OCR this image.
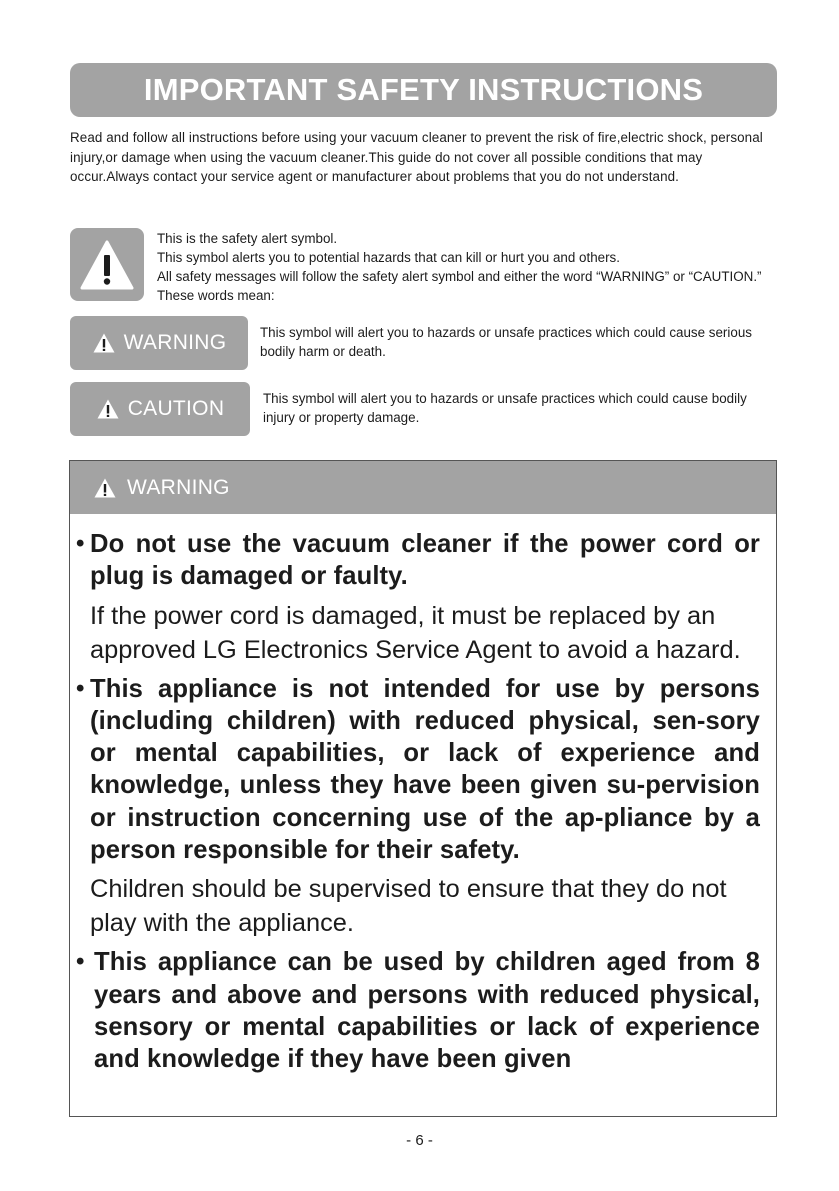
IMPORTANT SAFETY INSTRUCTIONS

Read and follow all instructions before using your vacuum cleaner to prevent the risk of fire,electric shock, personal injury,or damage when using the vacuum cleaner.This guide do not cover all possible conditions that may occur.Always contact your service agent or manufacturer about problems that you do not understand.

This is the safety alert symbol.
This symbol alerts you to potential hazards that can kill or hurt you and others.
All safety messages will follow the safety alert symbol and either the word “WARNING” or “CAUTION.” These words mean:
WARNING	This symbol will alert you to hazards or unsafe practices which could cause serious bodily harm or death.

CAUTION	This symbol will alert you to hazards or unsafe practices which could cause bodily injury or property damage.

WARNING
• Do not use the vacuum cleaner if the power cord or plug is damaged or faulty.

If the power cord is damaged, it must be replaced by an approved LG Electronics Service Agent to avoid a hazard.

• This appliance is not intended for use by persons (including children) with reduced physical, sen-sory or mental capabilities, or lack of experience and knowledge, unless they have been given su-pervision or instruction concerning use of the ap-pliance by a person responsible for their safety.

Children should be supervised to ensure that they do not play with the appliance.

• This appliance can be used by children aged from 8 years and above and persons with reduced physical, sensory or mental capabilities or lack of experience and knowledge if they have been given

- 6 -
